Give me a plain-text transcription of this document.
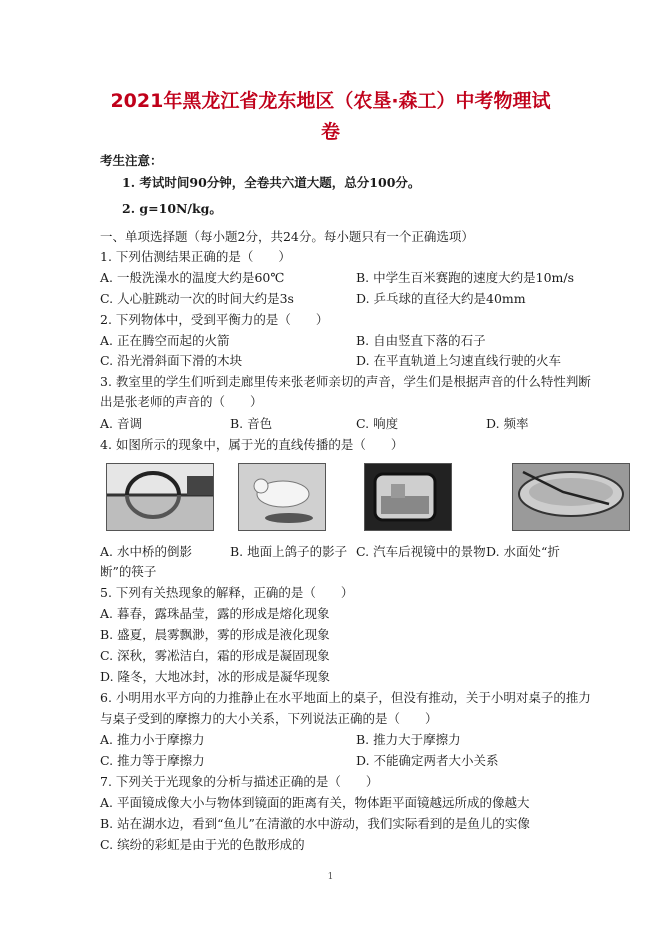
2021年黑龙江省龙东地区（农垦·森工）中考物理试
卷
考生注意：
1. 考试时间90分钟，全卷共六道大题，总分100分。
2. g=10N/kg。
一、单项选择题（每小题2分，共24分。每小题只有一个正确选项）
1. 下列估测结果正确的是（　　）
A. 一般洗澡水的温度大约是60℃	B. 中学生百米赛跑的速度大约是10m/s
C. 人心脏跳动一次的时间大约是3s	D. 乒乓球的直径大约是40mm
2. 下列物体中，受到平衡力的是（　　）
A. 正在腾空而起的火箭	B. 自由竖直下落的石子
C. 沿光滑斜面下滑的木块	D. 在平直轨道上匀速直线行驶的火车
3. 教室里的学生们听到走廊里传来张老师亲切的声音，学生们是根据声音的什么特性判断
出是张老师的声音的（　　）
A. 音调	B. 音色	C. 响度	D. 频率
4. 如图所示的现象中，属于光的直线传播的是（　　）
A. 水中桥的倒影	B. 地面上鸽子的影子 C. 汽车后视镜中的景物 D. 水面处“折
断”的筷子
5. 下列有关热现象的解释，正确的是（　　）
A. 暮春，露珠晶莹，露的形成是熔化现象
B. 盛夏，晨雾飘渺，雾的形成是液化现象
C. 深秋，雾凇洁白，霜的形成是凝固现象
D. 隆冬，大地冰封，冰的形成是凝华现象
6. 小明用水平方向的力推静止在水平地面上的桌子，但没有推动，关于小明对桌子的推力
与桌子受到的摩擦力的大小关系，下列说法正确的是（　　）
A. 推力小于摩擦力	B. 推力大于摩擦力
C. 推力等于摩擦力	D. 不能确定两者大小关系
7. 下列关于光现象的分析与描述正确的是（　　）
A. 平面镜成像大小与物体到镜面的距离有关，物体距平面镜越远所成的像越大
B. 站在湖水边，看到“鱼儿”在清澈的水中游动，我们实际看到的是鱼儿的实像
C. 缤纷的彩虹是由于光的色散形成的
1
